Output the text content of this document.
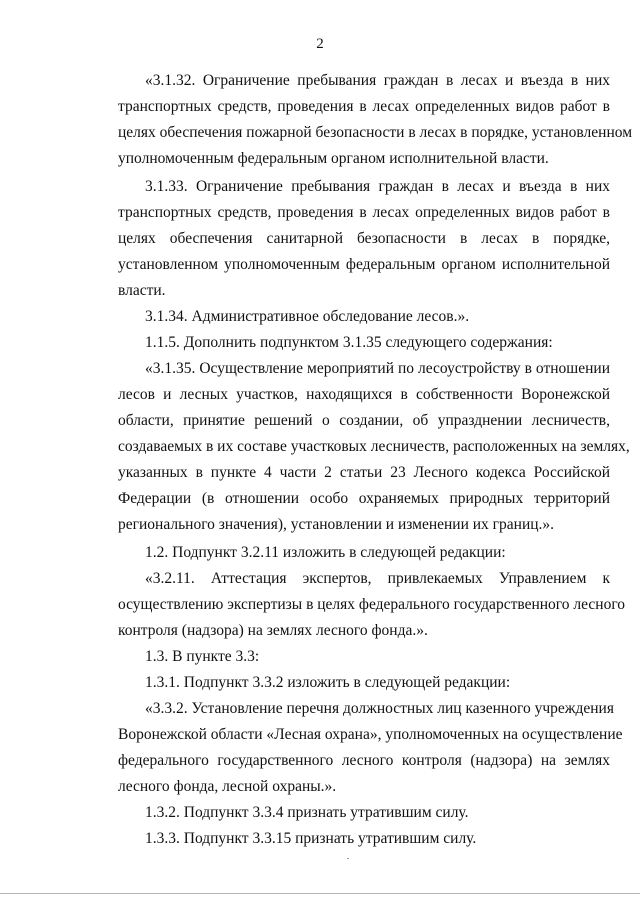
2
«3.1.32. Ограничение пребывания граждан в лесах и въезда в них
транспортных средств, проведения в лесах определенных видов работ в
целях обеспечения пожарной безопасности в лесах в порядке, установленном
уполномоченным федеральным органом исполнительной власти.
3.1.33. Ограничение пребывания граждан в лесах и въезда в них
транспортных средств, проведения в лесах определенных видов работ в
целях обеспечения санитарной безопасности в лесах в порядке,
установленном уполномоченным федеральным органом исполнительной
власти.
3.1.34. Административное обследование лесов.».
1.1.5. Дополнить подпунктом 3.1.35 следующего содержания:
«3.1.35. Осуществление мероприятий по лесоустройству в отношении
лесов и лесных участков, находящихся в собственности Воронежской
области, принятие решений о создании, об упразднении лесничеств,
создаваемых в их составе участковых лесничеств, расположенных на землях,
указанных в пункте 4 части 2 статьи 23 Лесного кодекса Российской
Федерации (в отношении особо охраняемых природных территорий
регионального значения), установлении и изменении их границ.».
1.2. Подпункт 3.2.11 изложить в следующей редакции:
«3.2.11. Аттестация экспертов, привлекаемых Управлением к
осуществлению экспертизы в целях федерального государственного лесного
контроля (надзора) на землях лесного фонда.».
1.3. В пункте 3.3:
1.3.1. Подпункт 3.3.2 изложить в следующей редакции:
«3.3.2. Установление перечня должностных лиц казенного учреждения
Воронежской области «Лесная охрана», уполномоченных на осуществление
федерального государственного лесного контроля (надзора) на землях
лесного фонда, лесной охраны.».
1.3.2. Подпункт 3.3.4 признать утратившим силу.
1.3.3. Подпункт 3.3.15 признать утратившим силу.
